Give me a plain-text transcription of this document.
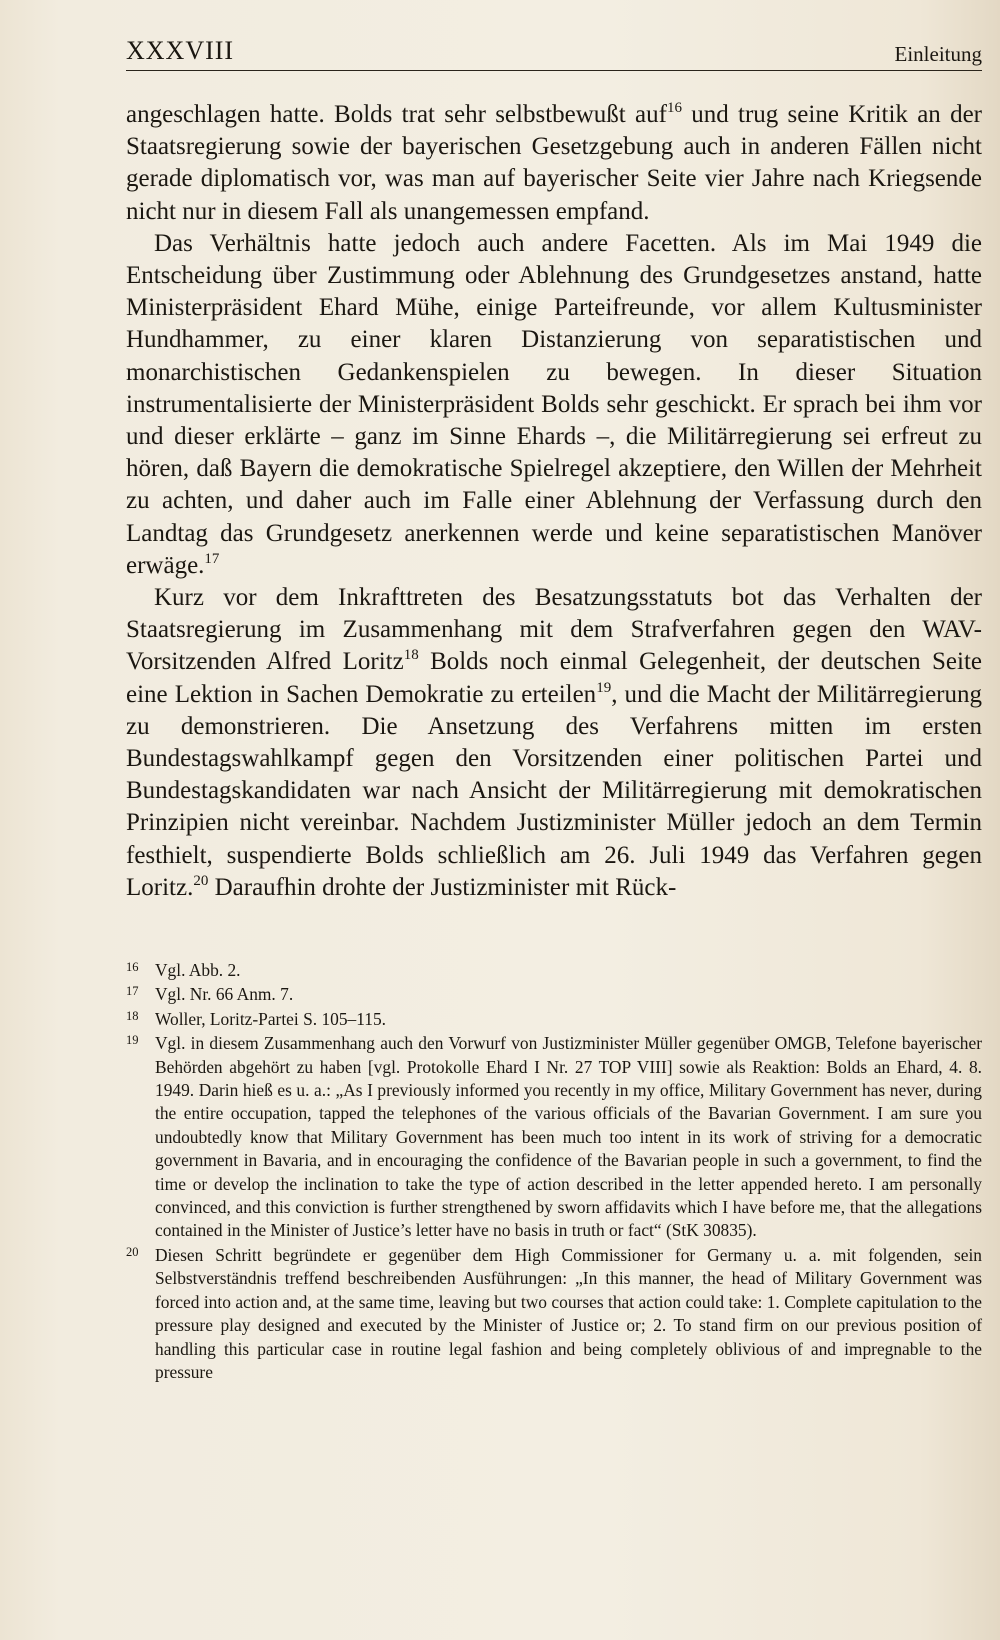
XXXVIII	Einleitung

angeschlagen hatte. Bolds trat sehr selbstbewußt auf$^{16}$ und trug seine Kritik an der Staatsregierung sowie der bayerischen Gesetzgebung auch in anderen Fällen nicht gerade diplomatisch vor, was man auf bayerischer Seite vier Jahre nach Kriegsende nicht nur in diesem Fall als unangemessen empfand.

Das Verhältnis hatte jedoch auch andere Facetten. Als im Mai 1949 die Entscheidung über Zustimmung oder Ablehnung des Grundgesetzes anstand, hatte Ministerpräsident Ehard Mühe, einige Parteifreunde, vor allem Kultusminister Hundhammer, zu einer klaren Distanzierung von separatistischen und monarchistischen Gedankenspielen zu bewegen. In dieser Situation instrumentalisierte der Ministerpräsident Bolds sehr geschickt. Er sprach bei ihm vor und dieser erklärte – ganz im Sinne Ehards –, die Militärregierung sei erfreut zu hören, daß Bayern die demokratische Spielregel akzeptiere, den Willen der Mehrheit zu achten, und daher auch im Falle einer Ablehnung der Verfassung durch den Landtag das Grundgesetz anerkennen werde und keine separatistischen Manöver erwäge.$^{17}$

Kurz vor dem Inkrafttreten des Besatzungsstatuts bot das Verhalten der Staatsregierung im Zusammenhang mit dem Strafverfahren gegen den WAV-Vorsitzenden Alfred Loritz$^{18}$ Bolds noch einmal Gelegenheit, der deutschen Seite eine Lektion in Sachen Demokratie zu erteilen$^{19}$, und die Macht der Militärregierung zu demonstrieren. Die Ansetzung des Verfahrens mitten im ersten Bundestagswahlkampf gegen den Vorsitzenden einer politischen Partei und Bundestagskandidaten war nach Ansicht der Militärregierung mit demokratischen Prinzipien nicht vereinbar. Nachdem Justizminister Müller jedoch an dem Termin festhielt, suspendierte Bolds schließlich am 26. Juli 1949 das Verfahren gegen Loritz.$^{20}$ Daraufhin drohte der Justizminister mit Rück-

16 Vgl. Abb. 2.
17 Vgl. Nr. 66 Anm. 7.
18 Woller, Loritz-Partei S. 105–115.
19 Vgl. in diesem Zusammenhang auch den Vorwurf von Justizminister Müller gegenüber OMGB, Telefone bayerischer Behörden abgehört zu haben [vgl. Protokolle Ehard I Nr. 27 TOP VIII] sowie als Reaktion: Bolds an Ehard, 4. 8. 1949. Darin hieß es u. a.: „As I previously informed you recently in my office, Military Government has never, during the entire occupation, tapped the telephones of the various officials of the Bavarian Government. I am sure you undoubtedly know that Military Government has been much too intent in its work of striving for a democratic government in Bavaria, and in encouraging the confidence of the Bavarian people in such a government, to find the time or develop the inclination to take the type of action described in the letter appended hereto. I am personally convinced, and this conviction is further strengthened by sworn affidavits which I have before me, that the allegations contained in the Minister of Justice’s letter have no basis in truth or fact“ (StK 30835).
20 Diesen Schritt begründete er gegenüber dem High Commissioner for Germany u. a. mit folgenden, sein Selbstverständnis treffend beschreibenden Ausführungen: „In this manner, the head of Military Government was forced into action and, at the same time, leaving but two courses that action could take: 1. Complete capitulation to the pressure play designed and executed by the Minister of Justice or; 2. To stand firm on our previous position of handling this particular case in routine legal fashion and being completely oblivious of and impregnable to the pressure
